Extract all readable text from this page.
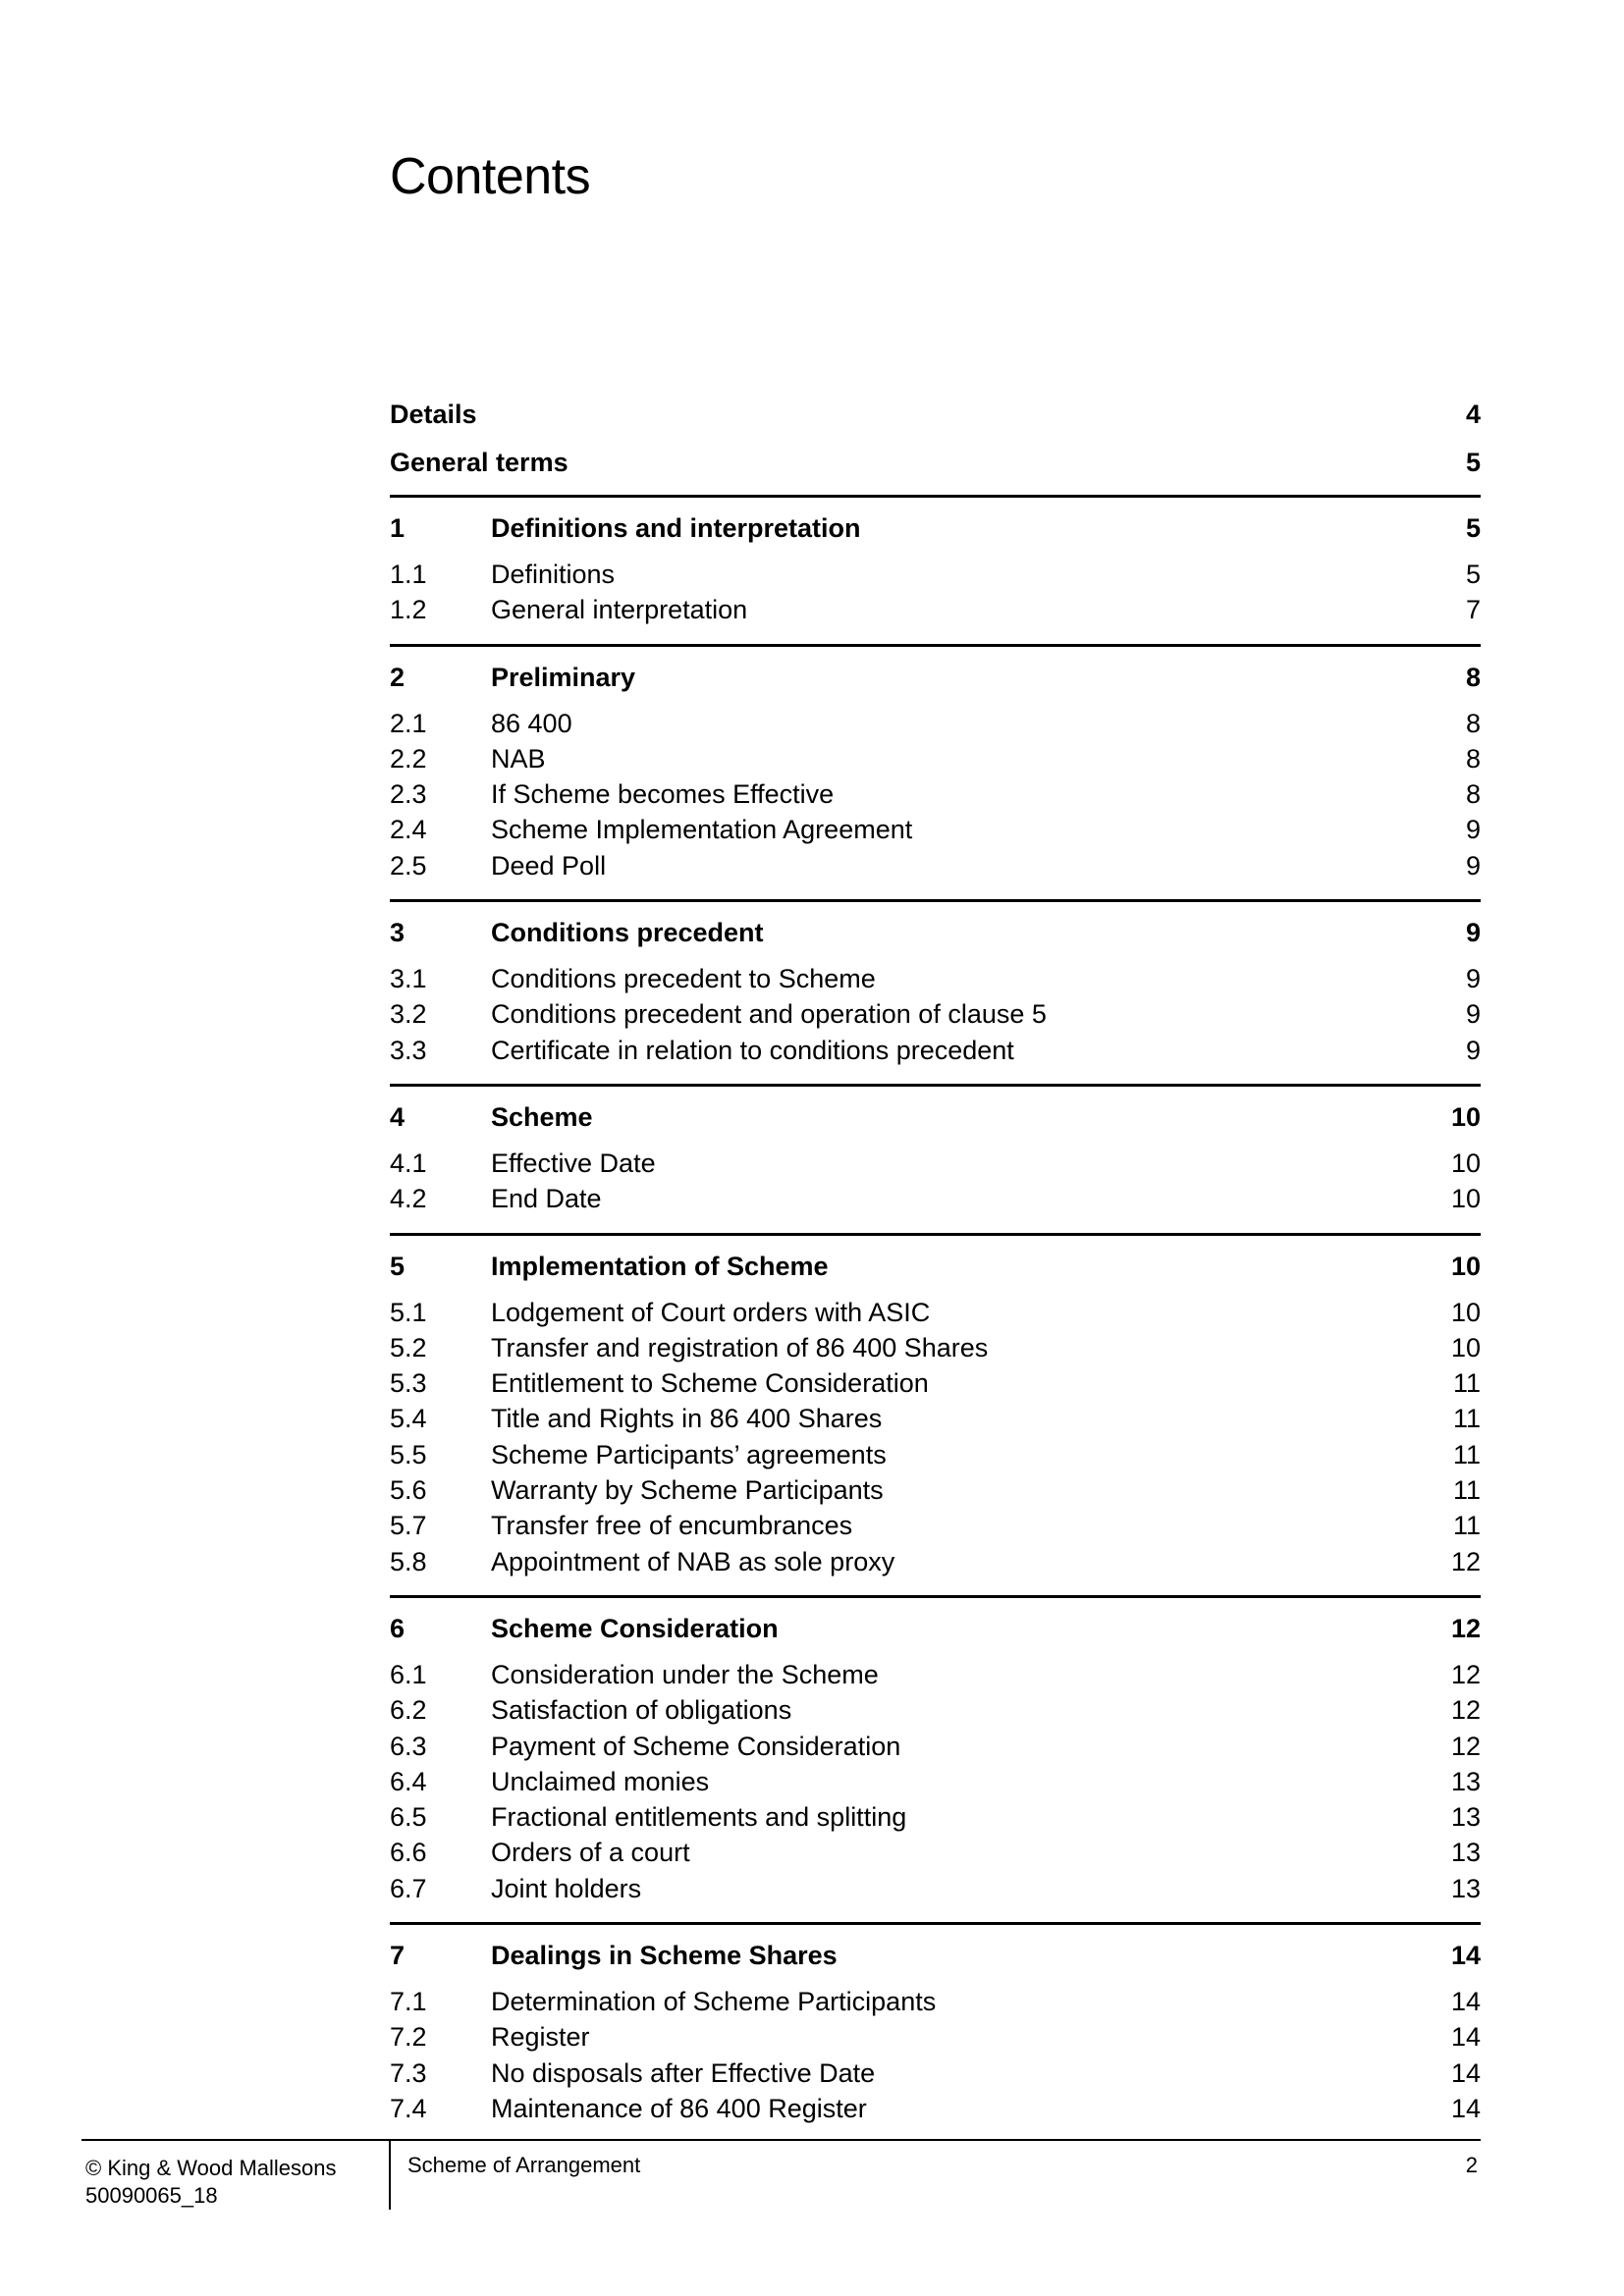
Contents
Details	4
General terms	5
1	Definitions and interpretation	5
1.1	Definitions	5
1.2	General interpretation	7
2	Preliminary	8
2.1	86 400	8
2.2	NAB	8
2.3	If Scheme becomes Effective	8
2.4	Scheme Implementation Agreement	9
2.5	Deed Poll	9
3	Conditions precedent	9
3.1	Conditions precedent to Scheme	9
3.2	Conditions precedent and operation of clause 5	9
3.3	Certificate in relation to conditions precedent	9
4	Scheme	10
4.1	Effective Date	10
4.2	End Date	10
5	Implementation of Scheme	10
5.1	Lodgement of Court orders with ASIC	10
5.2	Transfer and registration of 86 400 Shares	10
5.3	Entitlement to Scheme Consideration	11
5.4	Title and Rights in 86 400 Shares	11
5.5	Scheme Participants’ agreements	11
5.6	Warranty by Scheme Participants	11
5.7	Transfer free of encumbrances	11
5.8	Appointment of NAB as sole proxy	12
6	Scheme Consideration	12
6.1	Consideration under the Scheme	12
6.2	Satisfaction of obligations	12
6.3	Payment of Scheme Consideration	12
6.4	Unclaimed monies	13
6.5	Fractional entitlements and splitting	13
6.6	Orders of a court	13
6.7	Joint holders	13
7	Dealings in Scheme Shares	14
7.1	Determination of Scheme Participants	14
7.2	Register	14
7.3	No disposals after Effective Date	14
7.4	Maintenance of 86 400 Register	14
© King & Wood Mallesons
50090065_18
Scheme of Arrangement	2
